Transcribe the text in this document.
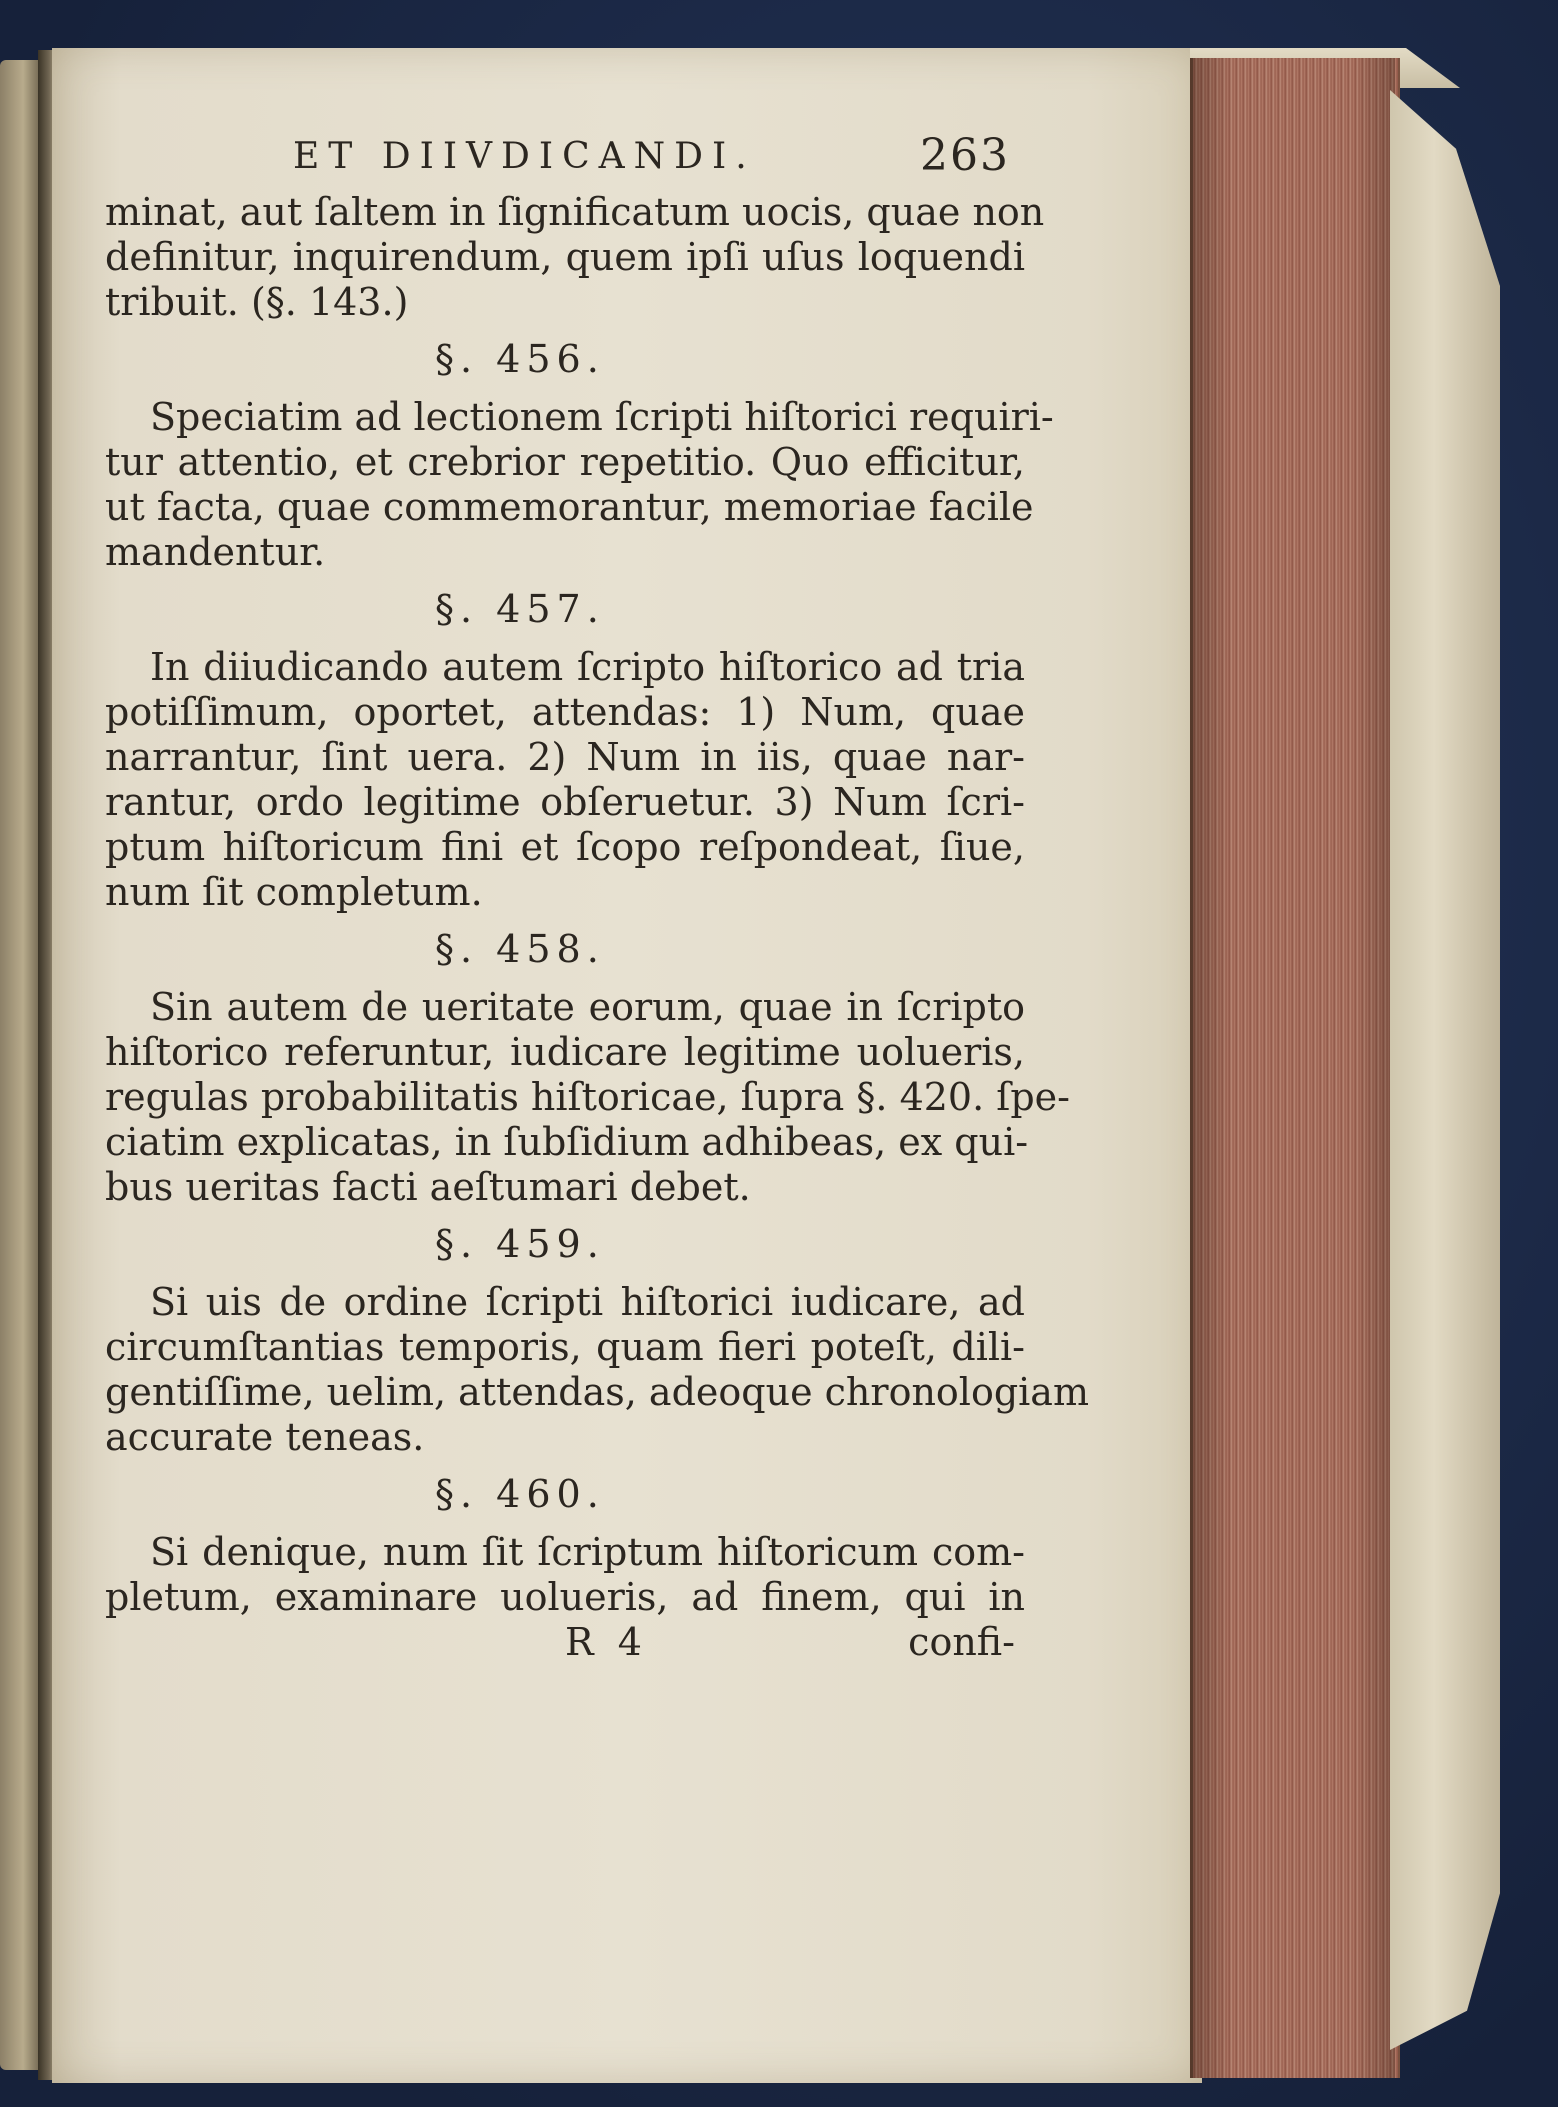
ET DIIVDICANDI.	263
minat, aut ſaltem in ſignificatum uocis, quae non
definitur, inquirendum, quem ipſi uſus loquendi
tribuit. (§. 143.)
§. 456.
Speciatim ad lectionem ſcripti hiſtorici requiri-
tur attentio, et crebrior repetitio. Quo efficitur,
ut facta, quae commemorantur, memoriae facile
mandentur.
§. 457.
In diiudicando autem ſcripto hiſtorico ad tria
potiſſimum, oportet, attendas: 1) Num, quae
narrantur, ſint uera. 2) Num in iis, quae nar-
rantur, ordo legitime obſeruetur. 3) Num ſcri-
ptum hiſtoricum fini et ſcopo reſpondeat, ſiue,
num ſit completum.
§. 458.
Sin autem de ueritate eorum, quae in ſcripto
hiſtorico referuntur, iudicare legitime uolueris,
regulas probabilitatis hiſtoricae, ſupra §. 420. ſpe-
ciatim explicatas, in ſubſidium adhibeas, ex qui-
bus ueritas facti aeſtumari debet.
§. 459.
Si uis de ordine ſcripti hiſtorici iudicare, ad
circumſtantias temporis, quam fieri poteſt, dili-
gentiſſime, uelim, attendas, adeoque chronologiam
accurate teneas.
§. 460.
Si denique, num ſit ſcriptum hiſtoricum com-
pletum, examinare uolueris, ad finem, qui in
R 4	confi-
